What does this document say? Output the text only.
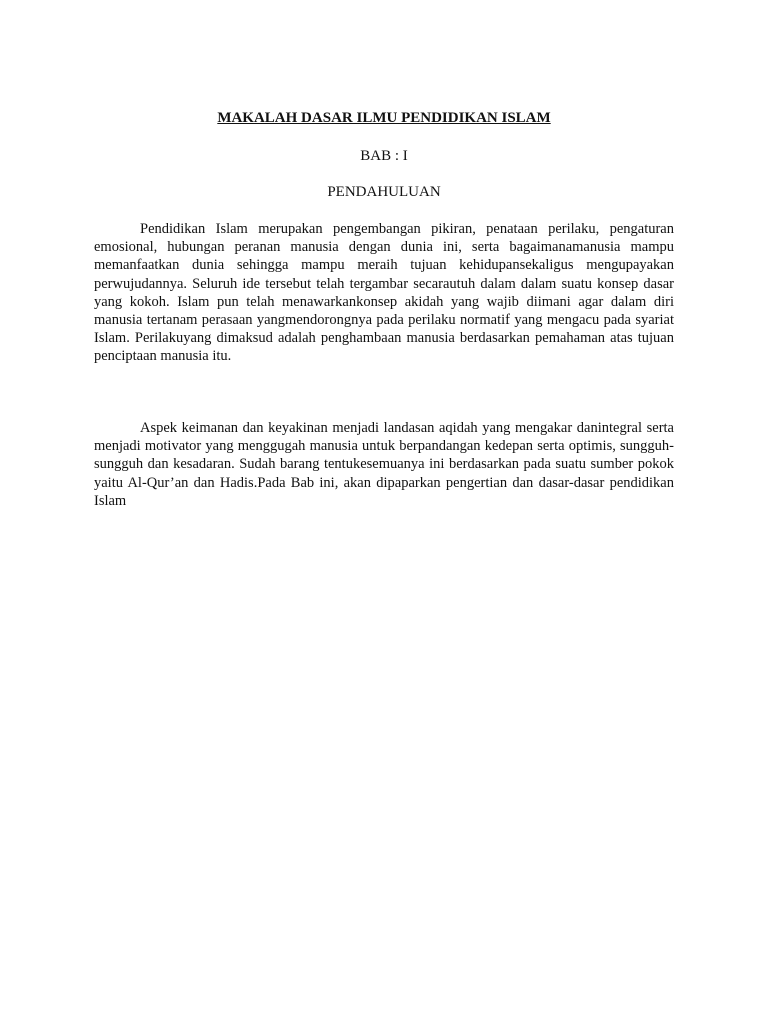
MAKALAH DASAR ILMU PENDIDIKAN ISLAM
BAB : I
PENDAHULUAN

Pendidikan Islam merupakan pengembangan pikiran, penataan perilaku, pengaturan emosional, hubungan peranan manusia dengan dunia ini, serta bagaimanamanusia mampu memanfaatkan dunia sehingga mampu meraih tujuan kehidupansekaligus mengupayakan perwujudannya. Seluruh ide tersebut telah tergambar secarautuh dalam dalam suatu konsep dasar yang kokoh. Islam pun telah menawarkankonsep akidah yang wajib diimani agar dalam diri manusia tertanam perasaan yangmendorongnya pada perilaku normatif yang mengacu pada syariat Islam. Perilakuyang dimaksud adalah penghambaan manusia berdasarkan pemahaman atas tujuan penciptaan manusia itu.

Aspek keimanan dan keyakinan menjadi landasan aqidah yang mengakar danintegral serta menjadi motivator yang menggugah manusia untuk berpandangan kedepan serta optimis, sungguh-sungguh dan kesadaran. Sudah barang tentukesemuanya ini berdasarkan pada suatu sumber pokok yaitu Al-Qur’an dan Hadis.Pada Bab ini, akan dipaparkan pengertian dan dasar-dasar pendidikan Islam
